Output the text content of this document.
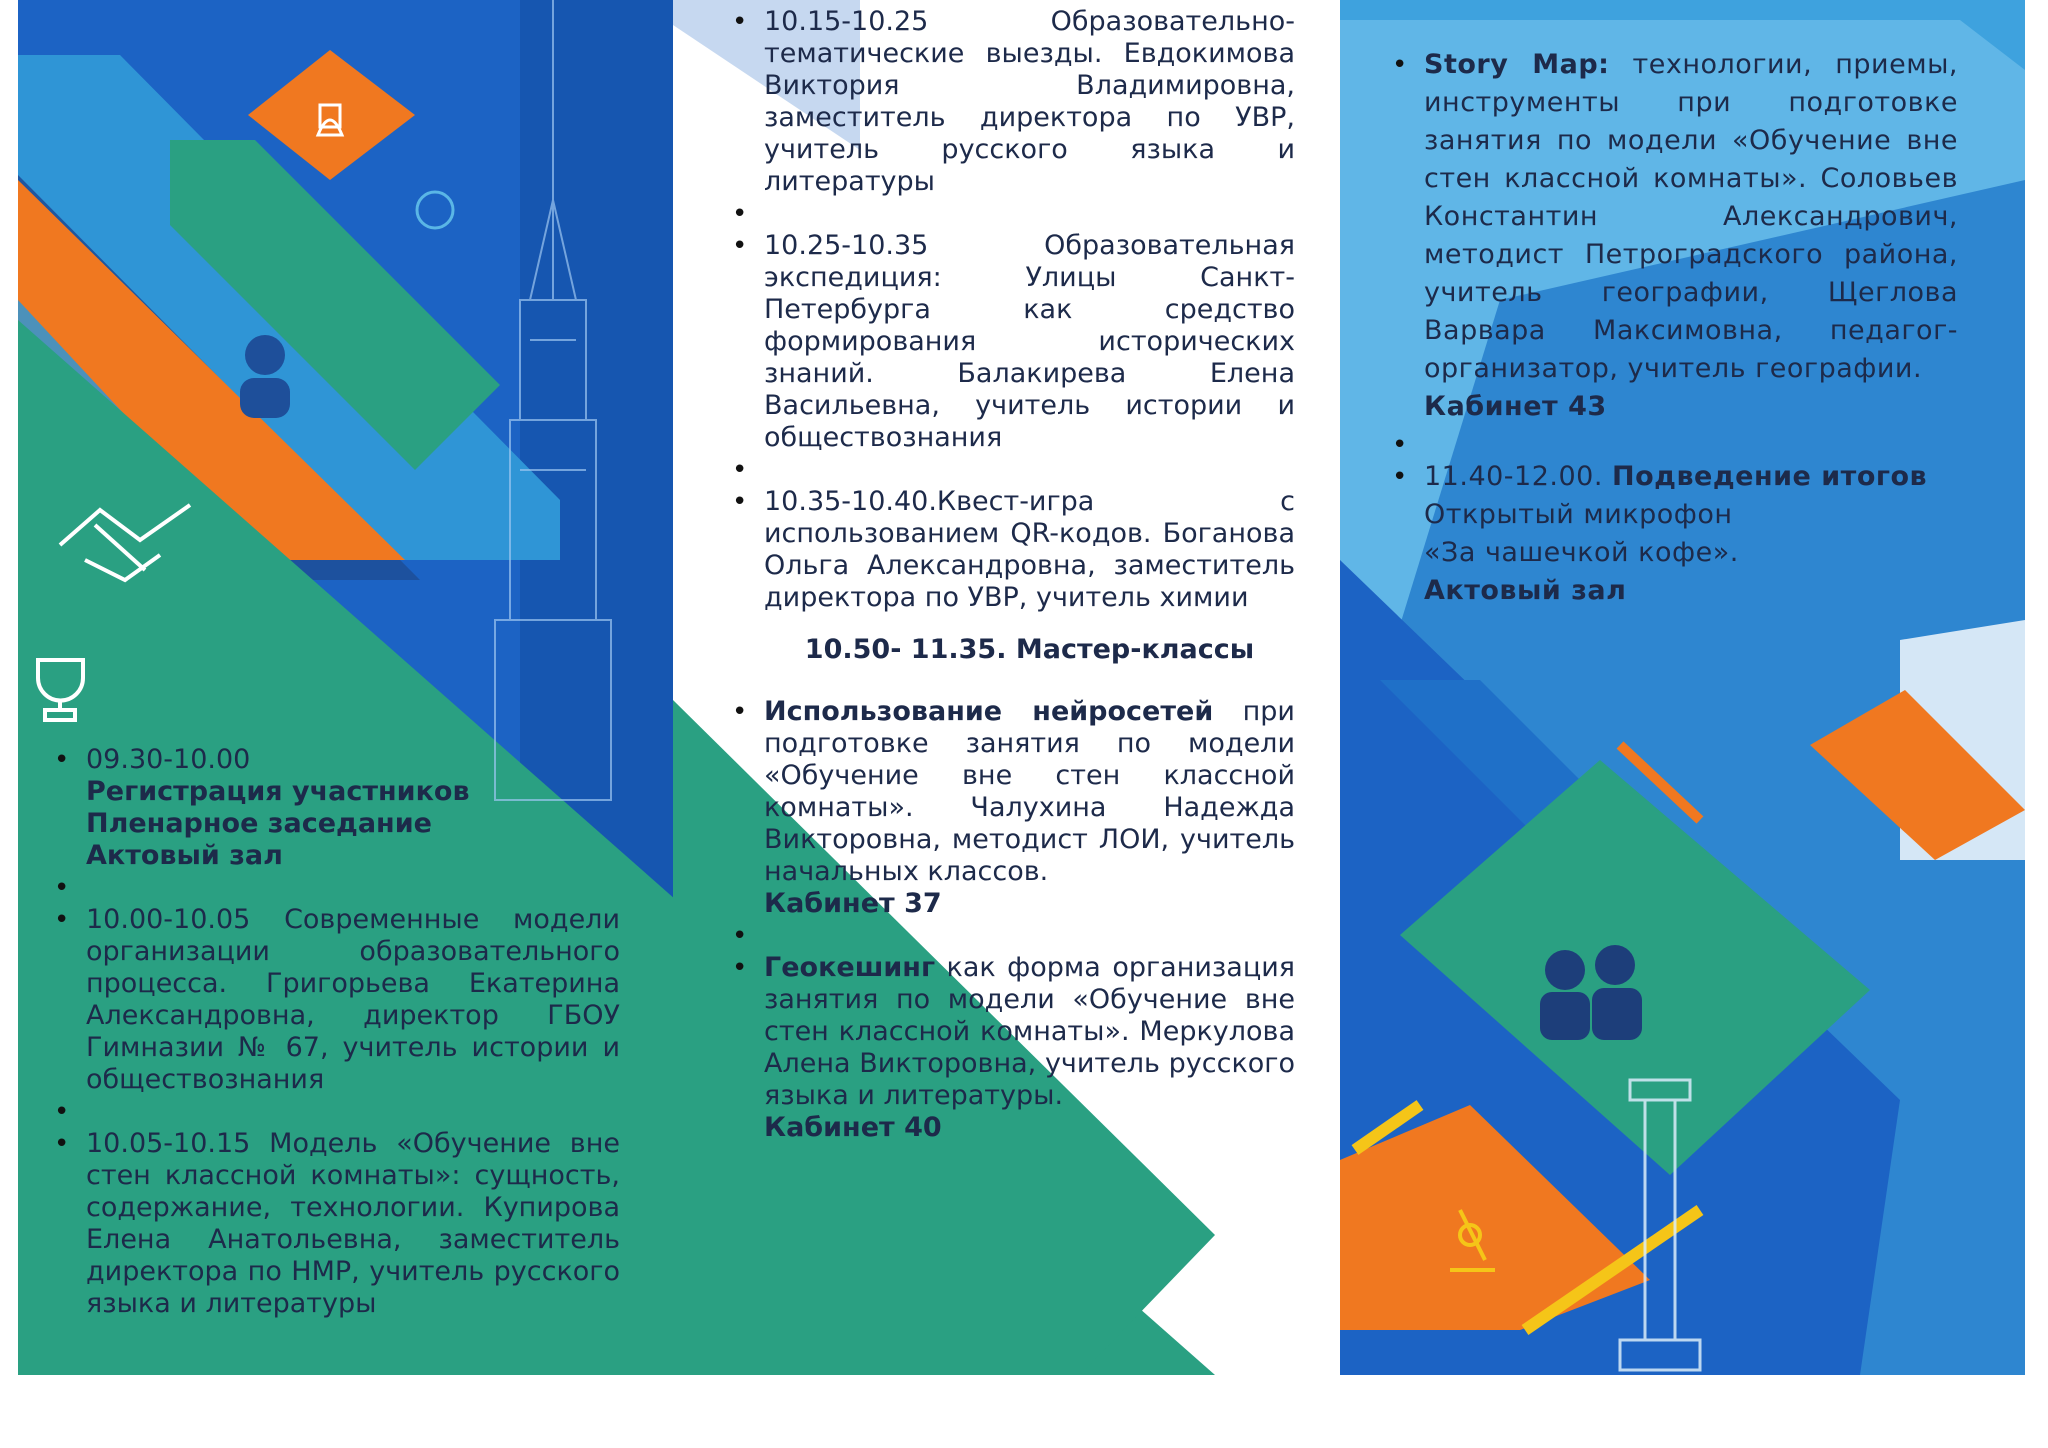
• 09.30-10.00
Регистрация участников
Пленарное заседание
Актовый зал
•
• 10.00-10.05 Современные модели организации образовательного процесса. Григорьева Екатерина Александровна, директор ГБОУ Гимназии № 67, учитель истории и обществознания
•
• 10.05-10.15 Модель «Обучение вне стен классной комнаты»: сущность, содержание, технологии. Купирова Елена Анатольевна, заместитель директора по НМР, учитель русского языка и литературы
• 10.15-10.25	Образовательно-тематические выезды. Евдокимова Виктория Владимировна, заместитель директора по УВР, учитель русского языка и литературы
•
• 10.25-10.35	Образовательная экспедиция: Улицы Санкт-Петербурга как средство формирования исторических знаний. Балакирева Елена Васильевна, учитель истории и обществознания
•
• 10.35-10.40.Квест-игра	с использованием QR-кодов. Боганова Ольга Александровна, заместитель директора по УВР, учитель химии
10.50- 11.35. Мастер-классы
• Использование нейросетей при подготовке занятия по модели «Обучение вне стен классной комнаты». Чалухина Надежда Викторовна, методист ЛОИ, учитель начальных классов.
Кабинет 37
•
• Геокешинг как форма организация занятия по модели «Обучение вне стен классной комнаты». Меркулова Алена Викторовна, учитель русского языка и литературы.
Кабинет 40
• Story Map: технологии, приемы, инструменты при подготовке занятия по модели «Обучение вне стен классной комнаты». Соловьев Константин Александрович, методист Петроградского района, учитель географии, Щеглова Варвара Максимовна, педагог-организатор, учитель географии.
Кабинет 43
•
• 11.40-12.00. Подведение итогов
Открытый микрофон
«За чашечкой кофе».
Актовый зал
